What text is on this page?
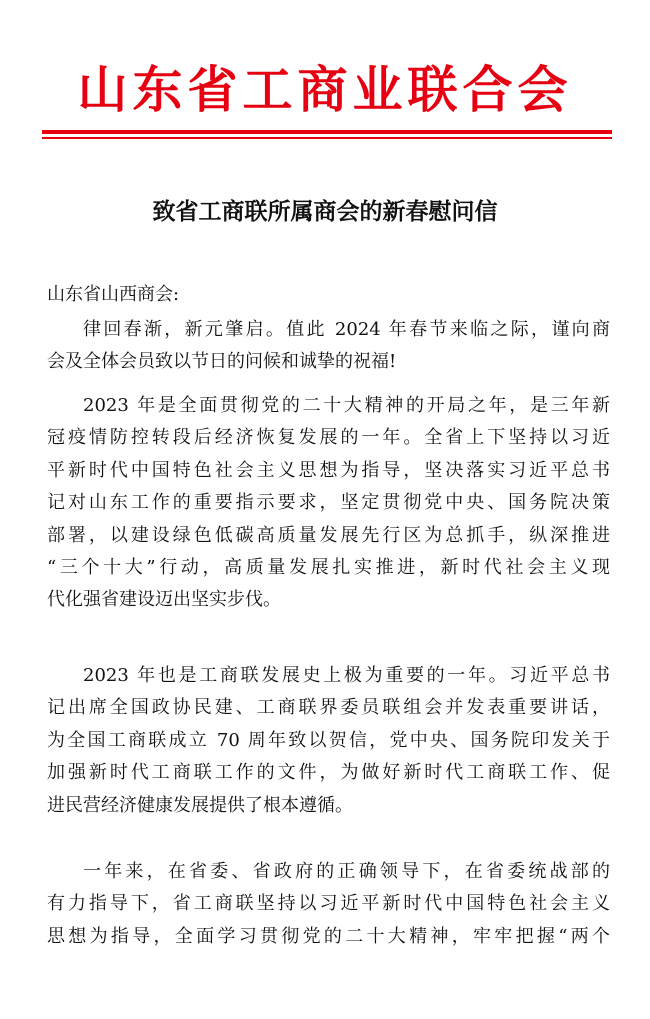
山东省工商业联合会
致省工商联所属商会的新春慰问信

山东省山西商会:

律回春渐，新元肇启。值此 2024 年春节来临之际，谨向商
会及全体会员致以节日的问候和诚挚的祝福!
2023 年是全面贯彻党的二十大精神的开局之年，是三年新
冠疫情防控转段后经济恢复发展的一年。全省上下坚持以习近
平新时代中国特色社会主义思想为指导，坚决落实习近平总书
记对山东工作的重要指示要求，坚定贯彻党中央、国务院决策
部署，以建设绿色低碳高质量发展先行区为总抓手，纵深推进
“三个十大”行动，高质量发展扎实推进，新时代社会主义现
代化强省建设迈出坚实步伐。
2023 年也是工商联发展史上极为重要的一年。习近平总书
记出席全国政协民建、工商联界委员联组会并发表重要讲话，
为全国工商联成立 70 周年致以贺信，党中央、国务院印发关于
加强新时代工商联工作的文件，为做好新时代工商联工作、促
进民营经济健康发展提供了根本遵循。
一年来，在省委、省政府的正确领导下，在省委统战部的
有力指导下，省工商联坚持以习近平新时代中国特色社会主义
思想为指导，全面学习贯彻党的二十大精神，牢牢把握“两个
